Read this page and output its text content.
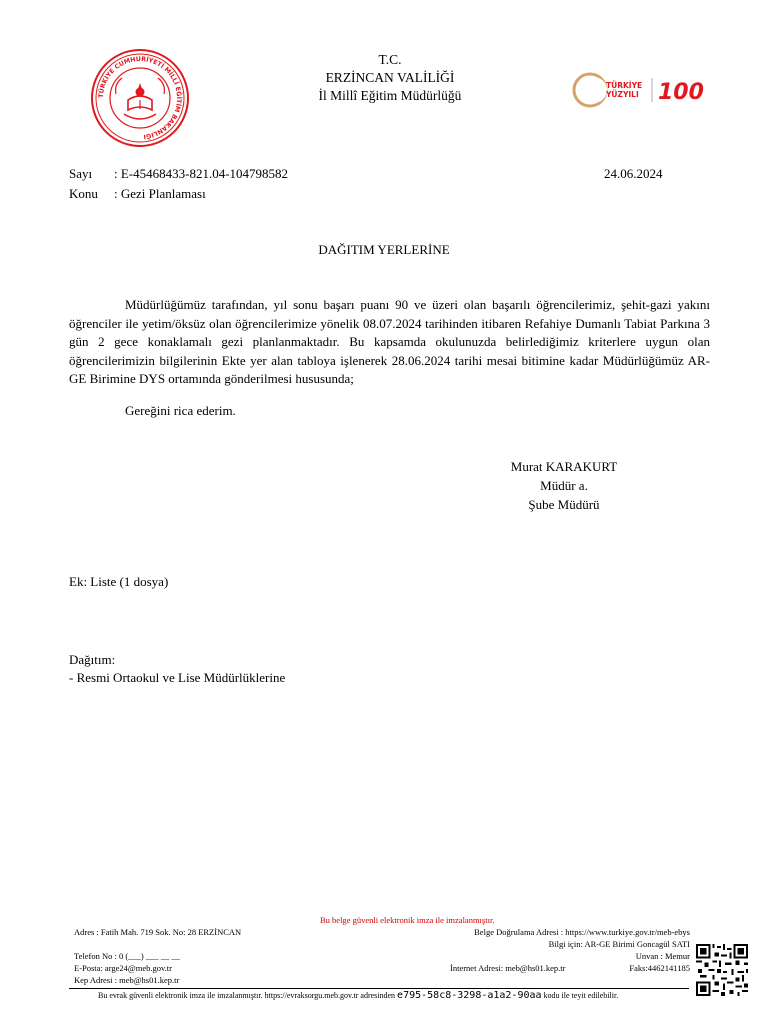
TÜRKİYE CUMHURİYETİ MİLLÎ EĞİTİM BAKANLIĞI
T.C.
ERZİNCAN VALİLİĞİ
İl Millî Eğitim Müdürlüğü
TÜRKİYE
YÜZYILI 100
Sayı : E-45468433-821.04-104798582	24.06.2024
Konu : Gezi Planlaması
DAĞITIM YERLERİNE
Müdürlüğümüz tarafından, yıl sonu başarı puanı 90 ve üzeri olan başarılı öğrencilerimiz, şehit-gazi yakını öğrenciler ile yetim/öksüz olan öğrencilerimize yönelik 08.07.2024 tarihinden itibaren Refahiye Dumanlı Tabiat Parkına 3 gün 2 gece konaklamalı gezi planlanmaktadır. Bu kapsamda okulunuzda belirlediğimiz kriterlere uygun olan öğrencilerimizin bilgilerinin Ekte yer alan tabloya işlenerek 28.06.2024 tarihi mesai bitimine kadar Müdürlüğümüz AR-GE Birimine DYS ortamında gönderilmesi hususunda;
Gereğini rica ederim.
Murat KARAKURT
Müdür a.
Şube Müdürü
Ek: Liste (1 dosya)
Dağıtım:
- Resmi Ortaokul ve Lise Müdürlüklerine
Bu belge güvenli elektronik imza ile imzalanmıştır.
Adres : Fatih Mah. 719 Sok. No: 28 ERZİNCAN	Belge Doğrulama Adresi : https://www.turkiye.gov.tr/meb-ebys
Bilgi için: AR-GE Birimi Goncagül SATI
Telefon No : 0 (___) ___ __ __	Unvan : Memur
E-Posta: arge24@meb.gov.tr	İnternet Adresi: meb@hs01.kep.tr	Faks:4462141185
Kep Adresi : meb@hs01.kep.tr
Bu evrak güvenli elektronik imza ile imzalanmıştır. https://evraksorgu.meb.gov.tr adresinden e795-58c8-3298-a1a2-90aa kodu ile teyit edilebilir.
